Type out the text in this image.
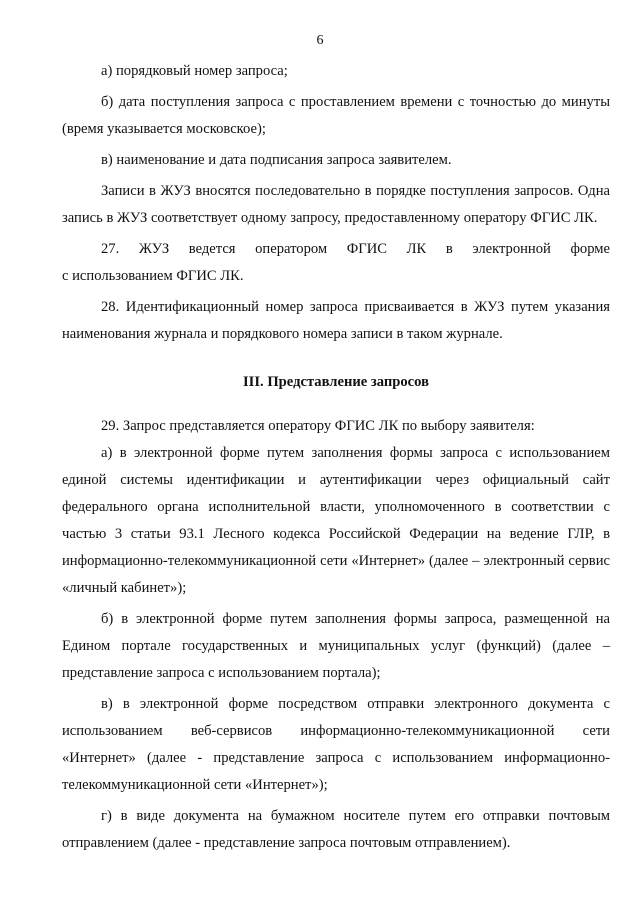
6

а) порядковый номер запроса;

б) дата поступления запроса с проставлением времени с точностью до минуты (время указывается московское);

в) наименование и дата подписания запроса заявителем.

Записи в ЖУЗ вносятся последовательно в порядке поступления запросов. Одна запись в ЖУЗ соответствует одному запросу, предоставленному оператору ФГИС ЛК.

27. ЖУЗ ведется оператором ФГИС ЛК в электронной форме

с использованием ФГИС ЛК.

28. Идентификационный номер запроса присваивается в ЖУЗ путем указания наименования журнала и порядкового номера записи в таком журнале.

III. Представление запросов

29. Запрос представляется оператору ФГИС ЛК по выбору заявителя:

а) в электронной форме путем заполнения формы запроса с использованием единой системы идентификации и аутентификации через официальный сайт федерального органа исполнительной власти, уполномоченного в соответствии с частью 3 статьи 93.1 Лесного кодекса Российской Федерации на ведение ГЛР, в информационно-телекоммуникационной сети «Интернет» (далее – электронный сервис «личный кабинет»);

б) в электронной форме путем заполнения формы запроса, размещенной на Едином портале государственных и муниципальных услуг (функций) (далее – представление запроса с использованием портала);

в) в электронной форме посредством отправки электронного документа с использованием веб-сервисов информационно-телекоммуникационной сети «Интернет» (далее - представление запроса с использованием информационно-телекоммуникационной сети «Интернет»);

г) в виде документа на бумажном носителе путем его отправки почтовым отправлением (далее - представление запроса почтовым отправлением).
